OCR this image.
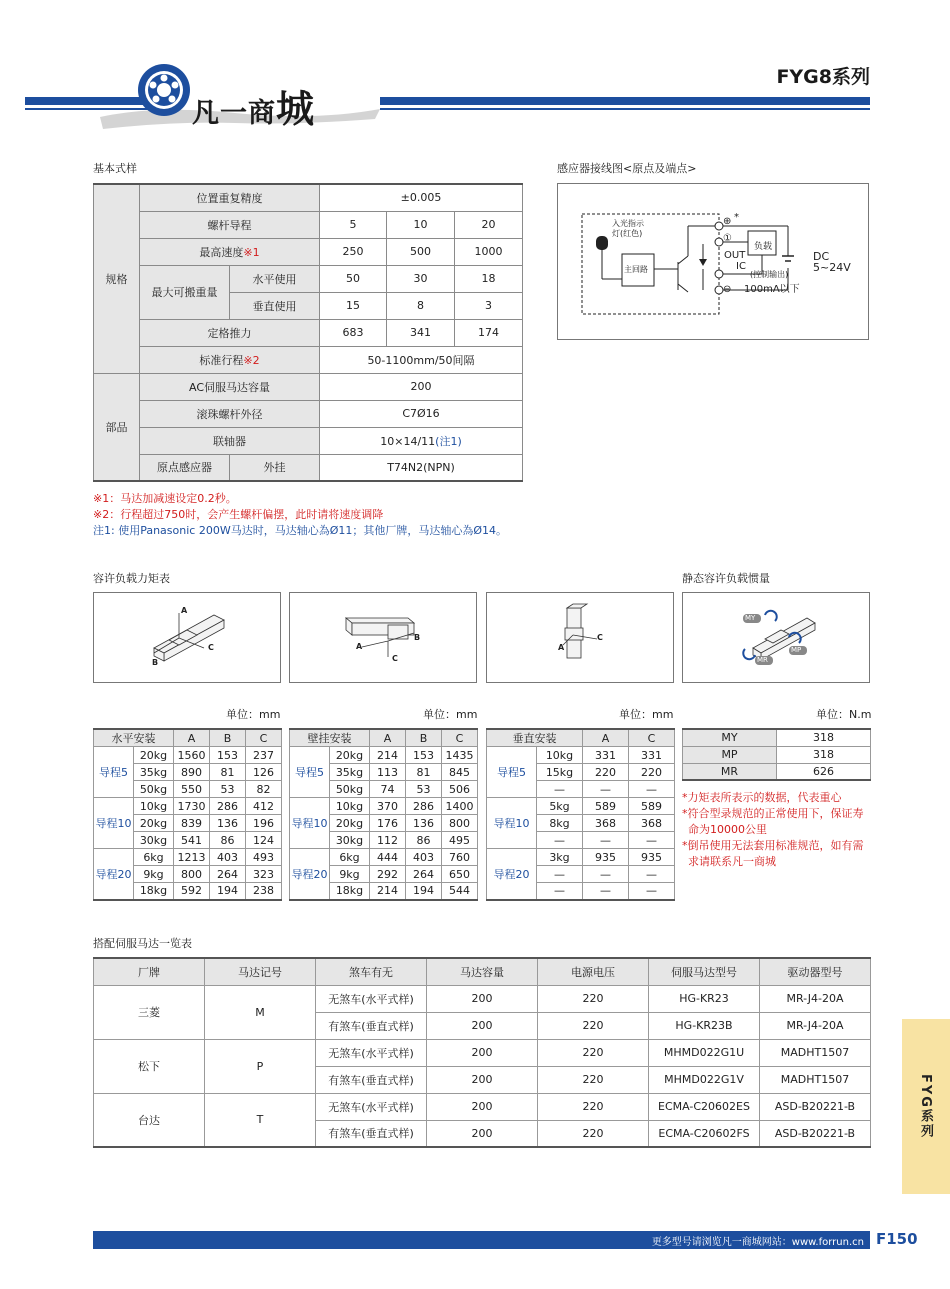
凡一商城
FYG8系列
基本式样
规格	位置重复精度		±0.005		
	螺杆导程		5	10	20
	最高速度※1		250	500	1000
	最大可搬重量	水平使用	50	30	18
		垂直使用	15	8	3
	定格推力		683	341	174
	标准行程※2		50-1100mm/50间隔		
部品	AC伺服马达容量		200		
	滚珠螺杆外径		C7Ø16		
	联轴器		10×14/11(注1)		
	原点感应器	外挂	T74N2(NPN)		
※1：马达加减速设定0.2秒。
※2：行程超过750时，会产生螺杆偏摆，此时请将速度调降
注1: 使用Panasonic 200W马达时，马达轴心為Ø11；其他厂牌，马达轴心為Ø14。
感应器接线图<原点及端点>
⊕ *
①
⊖
入光指示灯(红色)
主回路
负载
OUT
IC
(控制输出)
100mA以下
DC
5~24V
容许负载力矩表	静态容许负载惯量
A
B
C	A
B
C
A
C
MY
MP
MR
单位：mm	单位：mm	单位：mm	单位：N.m
水平安装		A	B	C
导程5	20kg	1560	153	237
	35kg	890	81	126
	50kg	550	53	82
导程10	10kg	1730	286	412
	20kg	839	136	196
	30kg	541	86	124
导程20	6kg	1213	403	493
	9kg	800	264	323
	18kg	592	194	238
壁挂安装		A	B	C
导程5	20kg	214	153	1435
	35kg	113	81	845
	50kg	74	53	506
导程10	10kg	370	286	1400
	20kg	176	136	800
	30kg	112	86	495
导程20	6kg	444	403	760
	9kg	292	264	650
	18kg	214	194	544
垂直安装		A	C
导程5	10kg	331	331
	15kg	220	220
	—	—	—
导程10	5kg	589	589
	8kg	368	368
	—	—	—
导程20	3kg	935	935
	—	—	—
	—	—	—
MY	318
MP	318
MR	626
*力矩表所表示的数据，代表重心
*符合型录规范的正常使用下，保证寿
命为10000公里
*倒吊使用无法套用标准规范，如有需
求请联系凡一商城
搭配伺服马达一览表
厂牌	马达记号	煞车有无	马达容量	电源电压	伺服马达型号	驱动器型号
三菱	M	无煞车(水平式样)	200	220	HG-KR23	MR-J4-20A
		有煞车(垂直式样)	200	220	HG-KR23B	MR-J4-20A
松下	P	无煞车(水平式样)	200	220	MHMD022G1U	MADHT1507
		有煞车(垂直式样)	200	220	MHMD022G1V	MADHT1507
台达	T	无煞车(水平式样)	200	220	ECMA-C20602ES	ASD-B20221-B
		有煞车(垂直式样)	200	220	ECMA-C20602FS	ASD-B20221-B	FYG系列
更多型号请浏览凡一商城网站：www.forrun.cn F150
